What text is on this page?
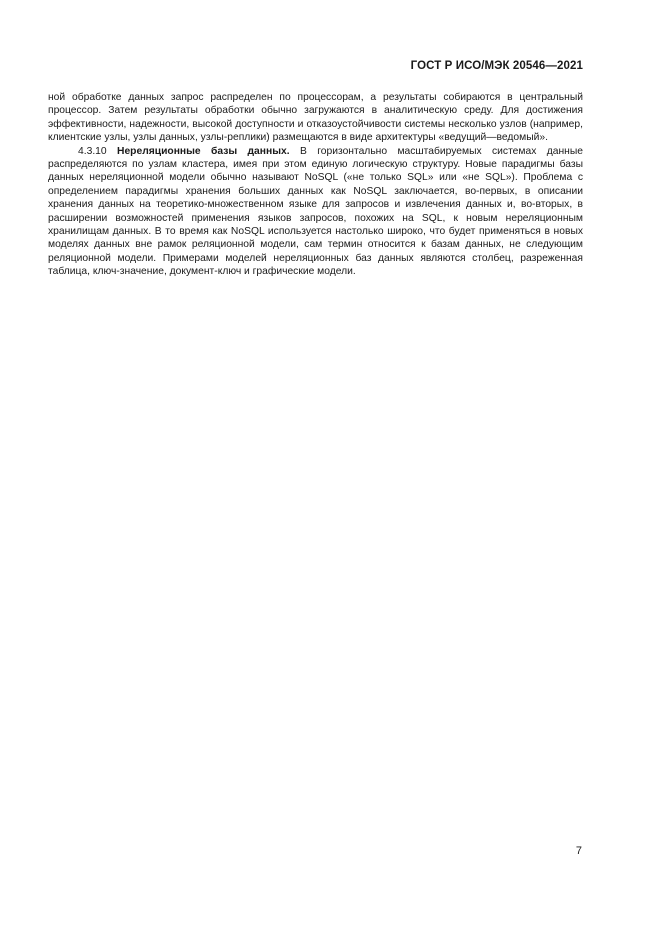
ГОСТ Р ИСО/МЭК 20546—2021

ной обработке данных запрос распределен по процессорам, а результаты собираются в центральный процессор. Затем результаты обработки обычно загружаются в аналитическую среду. Для достижения эффективности, надежности, высокой доступности и отказоустойчивости системы несколько узлов (например, клиентские узлы, узлы данных, узлы-реплики) размещаются в виде архитектуры «ведущий—ведомый».

4.3.10 Нереляционные базы данных. В горизонтально масштабируемых системах данные распределяются по узлам кластера, имея при этом единую логическую структуру. Новые парадигмы базы данных нереляционной модели обычно называют NoSQL («не только SQL» или «не SQL»). Проблема с определением парадигмы хранения больших данных как NoSQL заключается, во-первых, в описании хранения данных на теоретико-множественном языке для запросов и извлечения данных и, во-вторых, в расширении возможностей применения языков запросов, похожих на SQL, к новым нереляционным хранилищам данных. В то время как NoSQL используется настолько широко, что будет применяться в новых моделях данных вне рамок реляционной модели, сам термин относится к базам данных, не следующим реляционной модели. Примерами моделей нереляционных баз данных являются столбец, разреженная таблица, ключ-значение, документ-ключ и графические модели.

7
